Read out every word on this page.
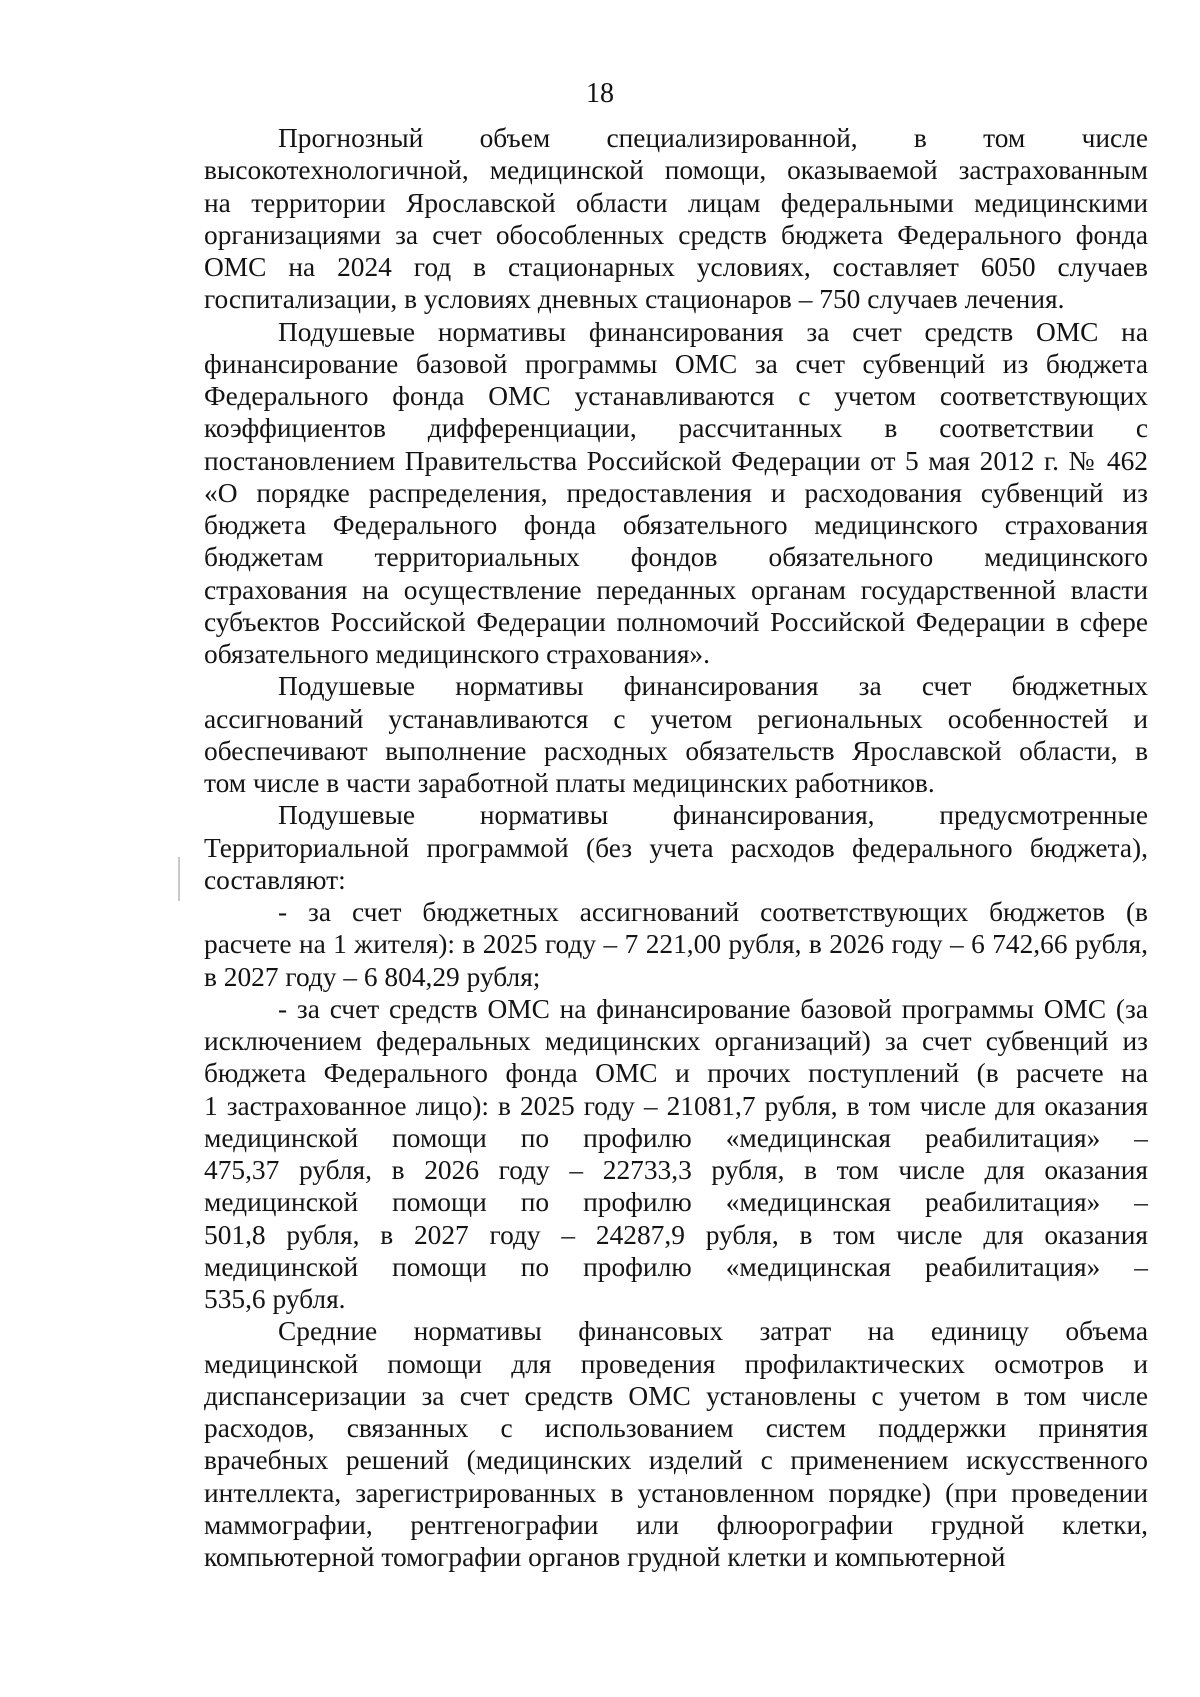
18
Прогнозный объем специализированной, в том числе
высокотехнологичной, медицинской помощи, оказываемой застрахованным
на территории Ярославской области лицам федеральными медицинскими
организациями за счет обособленных средств бюджета Федерального фонда
ОМС на 2024 год в стационарных условиях, составляет 6050 случаев
госпитализации, в условиях дневных стационаров – 750 случаев лечения.
Подушевые нормативы финансирования за счет средств ОМС на
финансирование базовой программы ОМС за счет субвенций из бюджета
Федерального фонда ОМС устанавливаются с учетом соответствующих
коэффициентов дифференциации, рассчитанных в соответствии с
постановлением Правительства Российской Федерации от 5 мая 2012 г. № 462
«О порядке распределения, предоставления и расходования субвенций из
бюджета Федерального фонда обязательного медицинского страхования
бюджетам территориальных фондов обязательного медицинского
страхования на осуществление переданных органам государственной власти
субъектов Российской Федерации полномочий Российской Федерации в сфере
обязательного медицинского страхования».
Подушевые нормативы финансирования за счет бюджетных
ассигнований устанавливаются с учетом региональных особенностей и
обеспечивают выполнение расходных обязательств Ярославской области, в
том числе в части заработной платы медицинских работников.
Подушевые нормативы финансирования, предусмотренные
Территориальной программой (без учета расходов федерального бюджета),
составляют:
- за счет бюджетных ассигнований соответствующих бюджетов (в
расчете на 1 жителя): в 2025 году – 7 221,00 рубля, в 2026 году – 6 742,66 рубля,
в 2027 году – 6 804,29 рубля;
- за счет средств ОМС на финансирование базовой программы ОМС (за
исключением федеральных медицинских организаций) за счет субвенций из
бюджета Федерального фонда ОМС и прочих поступлений (в расчете на
1 застрахованное лицо): в 2025 году – 21081,7 рубля, в том числе для оказания
медицинской помощи по профилю «медицинская реабилитация» –
475,37 рубля, в 2026 году – 22733,3 рубля, в том числе для оказания
медицинской помощи по профилю «медицинская реабилитация» –
501,8 рубля, в 2027 году – 24287,9 рубля, в том числе для оказания
медицинской помощи по профилю «медицинская реабилитация» –
535,6 рубля.
Средние нормативы финансовых затрат на единицу объема
медицинской помощи для проведения профилактических осмотров и
диспансеризации за счет средств ОМС установлены с учетом в том числе
расходов, связанных с использованием систем поддержки принятия
врачебных решений (медицинских изделий с применением искусственного
интеллекта, зарегистрированных в установленном порядке) (при проведении
маммографии, рентгенографии или флюорографии грудной клетки,
компьютерной томографии органов грудной клетки и компьютерной
